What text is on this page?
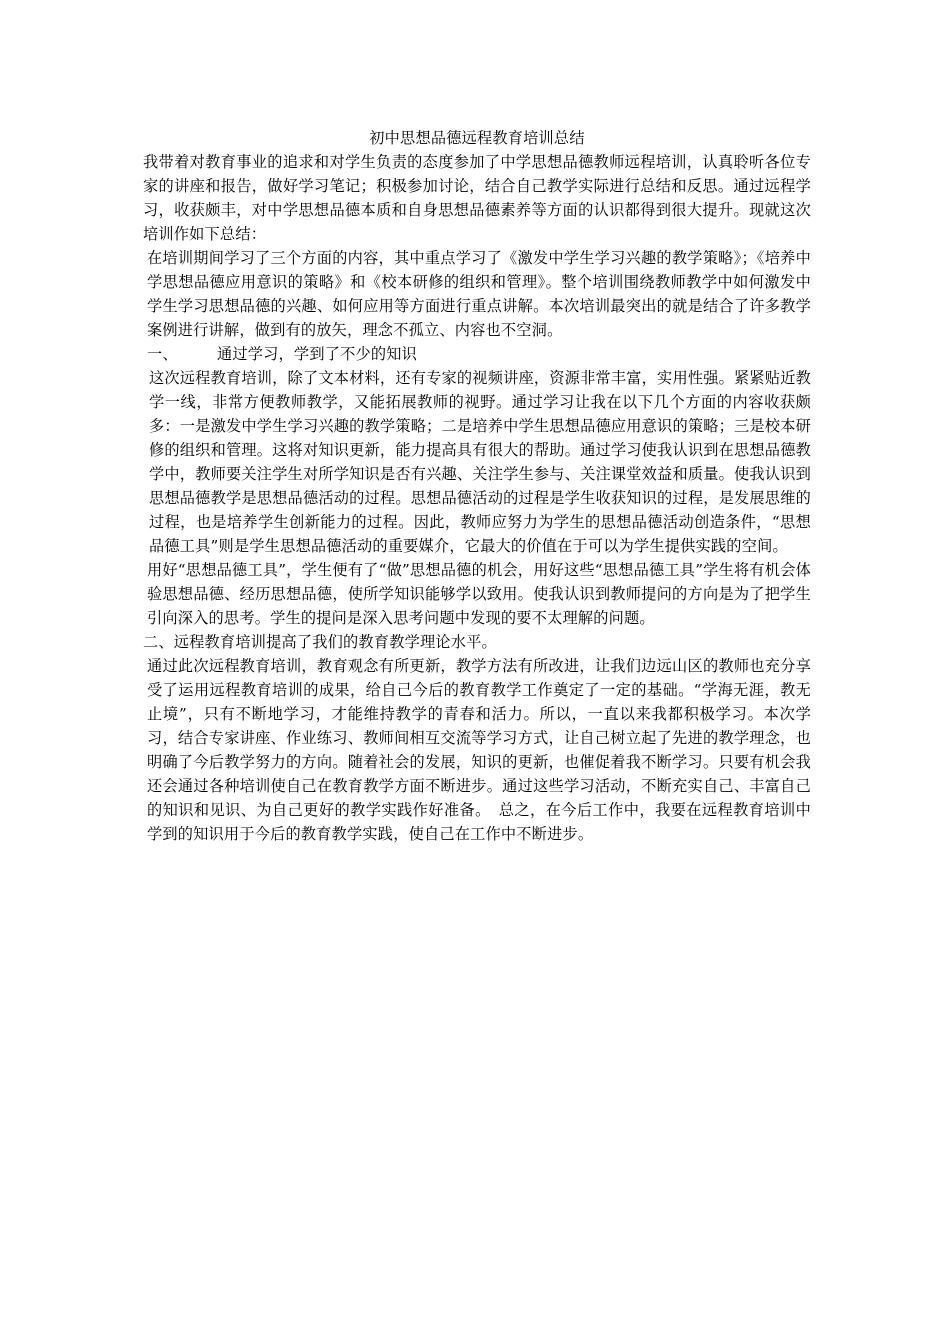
初中思想品德远程教育培训总结

我带着对教育事业的追求和对学生负责的态度参加了中学思想品德教师远程培训，认真聆听各位专家的讲座和报告，做好学习笔记；积极参加讨论，结合自己教学实际进行总结和反思。通过远程学习，收获颇丰，对中学思想品德本质和自身思想品德素养等方面的认识都得到很大提升。现就这次培训作如下总结：

在培训期间学习了三个方面的内容，其中重点学习了《激发中学生学习兴趣的教学策略》；《培养中学思想品德应用意识的策略》和《校本研修的组织和管理》。整个培训围绕教师教学中如何激发中学生学习思想品德的兴趣、如何应用等方面进行重点讲解。本次培训最突出的就是结合了许多教学案例进行讲解，做到有的放矢，理念不孤立、内容也不空洞。

一、	通过学习，学到了不少的知识

这次远程教育培训，除了文本材料，还有专家的视频讲座，资源非常丰富，实用性强。紧紧贴近教学一线，非常方便教师教学，又能拓展教师的视野。通过学习让我在以下几个方面的内容收获颇多：一是激发中学生学习兴趣的教学策略；二是培养中学生思想品德应用意识的策略；三是校本研修的组织和管理。这将对知识更新，能力提高具有很大的帮助。通过学习使我认识到在思想品德教学中，教师要关注学生对所学知识是否有兴趣、关注学生参与、关注课堂效益和质量。使我认识到思想品德教学是思想品德活动的过程。思想品德活动的过程是学生收获知识的过程，是发展思维的过程，也是培养学生创新能力的过程。因此，教师应努力为学生的思想品德活动创造条件，“思想品德工具”则是学生思想品德活动的重要媒介，它最大的价值在于可以为学生提供实践的空间。

用好“思想品德工具”，学生便有了“做”思想品德的机会，用好这些“思想品德工具”学生将有机会体验思想品德、经历思想品德，使所学知识能够学以致用。使我认识到教师提问的方向是为了把学生引向深入的思考。学生的提问是深入思考问题中发现的要不太理解的问题。

二、远程教育培训提高了我们的教育教学理论水平。

通过此次远程教育培训，教育观念有所更新，教学方法有所改进，让我们边远山区的教师也充分享受了运用远程教育培训的成果，给自己今后的教育教学工作奠定了一定的基础。“学海无涯，教无止境”，只有不断地学习，才能维持教学的青春和活力。所以，一直以来我都积极学习。本次学习，结合专家讲座、作业练习、教师间相互交流等学习方式，让自己树立起了先进的教学理念，也明确了今后教学努力的方向。随着社会的发展，知识的更新，也催促着我不断学习。只要有机会我还会通过各种培训使自己在教育教学方面不断进步。通过这些学习活动，不断充实自己、丰富自己的知识和见识、为自己更好的教学实践作好准备。　总之，在今后工作中，我要在远程教育培训中学到的知识用于今后的教育教学实践，使自己在工作中不断进步。
